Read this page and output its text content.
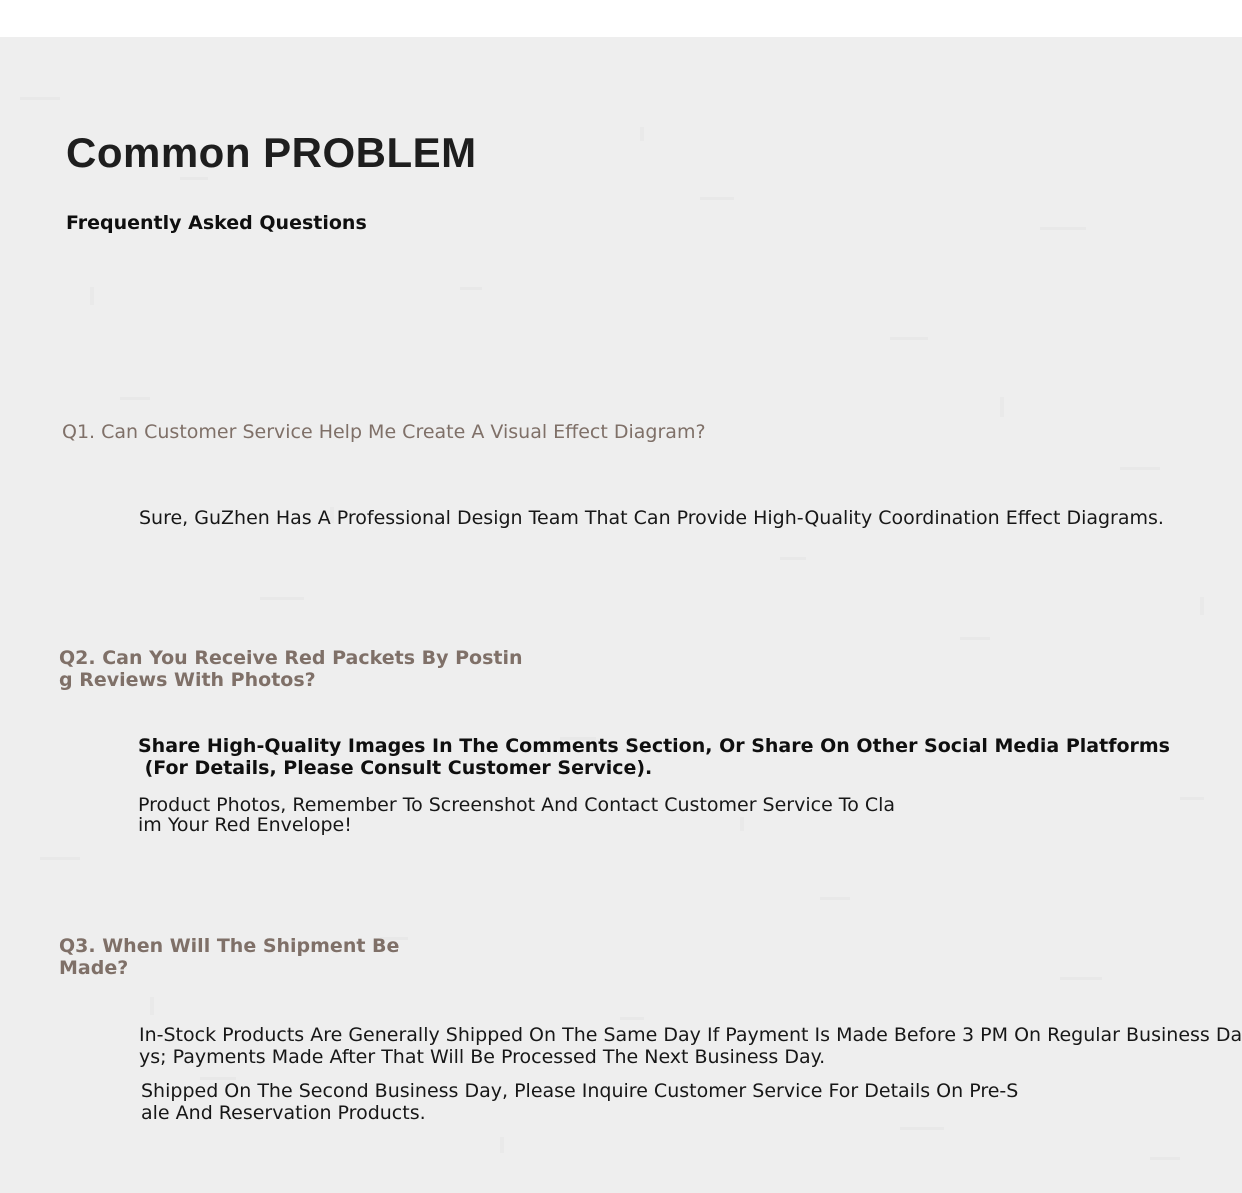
Common PROBLEM
Frequently Asked Questions
Q1. Can Customer Service Help Me Create A Visual Effect Diagram?
Sure, GuZhen Has A Professional Design Team That Can Provide High-Quality Coordination Effect Diagrams.
Q2. Can You Receive Red Packets By Postin
g Reviews With Photos?
Share High-Quality Images In The Comments Section, Or Share On Other Social Media Platforms
(For Details, Please Consult Customer Service).
Product Photos, Remember To Screenshot And Contact Customer Service To Cla
im Your Red Envelope!
Q3. When Will The Shipment Be
Made?
In-Stock Products Are Generally Shipped On The Same Day If Payment Is Made Before 3 PM On Regular Business Da
ys; Payments Made After That Will Be Processed The Next Business Day.
Shipped On The Second Business Day, Please Inquire Customer Service For Details On Pre-S
ale And Reservation Products.
